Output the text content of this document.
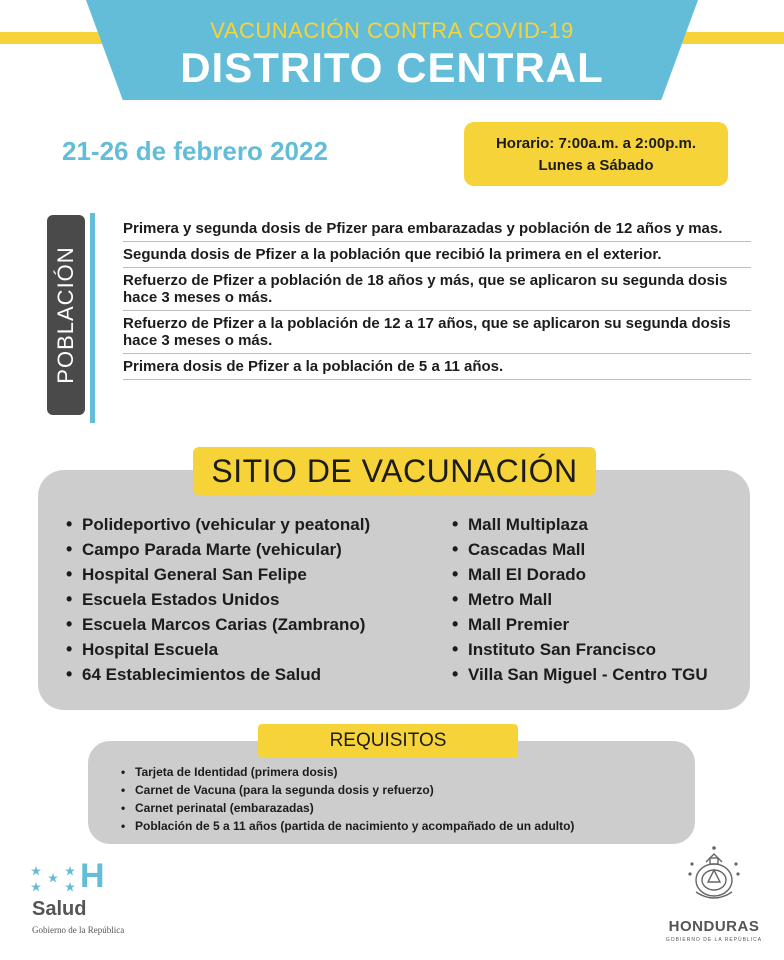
VACUNACIÓN CONTRA COVID-19
DISTRITO CENTRAL
21-26 de febrero 2022	Horario: 7:00a.m. a 2:00p.m.
Lunes a Sábado
POBLACIÓN
Primera y segunda dosis de Pfizer para embarazadas y población de 12 años y mas.
Segunda dosis de Pfizer a la población que recibió la primera en el exterior.
Refuerzo de Pfizer a población de 18 años y más, que se aplicaron su segunda dosis hace 3 meses o más.
Refuerzo de Pfizer a la población de 12 a 17 años, que se aplicaron su segunda dosis hace 3 meses o más.
Primera dosis de Pfizer a la población de 5 a 11 años.
SITIO DE VACUNACIÓN
• Polideportivo (vehicular y peatonal)
• Campo Parada Marte (vehicular)
• Hospital General San Felipe
• Escuela Estados Unidos
• Escuela Marcos Carias (Zambrano)
• Hospital Escuela
• 64 Establecimientos de Salud
• Mall Multiplaza
• Cascadas Mall
• Mall El Dorado
• Metro Mall
• Mall Premier
• Instituto San Francisco
• Villa San Miguel - Centro TGU
REQUISITOS
• Tarjeta de Identidad (primera dosis)
• Carnet de Vacuna (para la segunda dosis y refuerzo)
• Carnet perinatal (embarazadas)
• Población de 5 a 11 años (partida de nacimiento y acompañado de un adulto)
H
Salud
Gobierno de la República	HONDURAS
GOBIERNO DE LA REPÚBLICA
